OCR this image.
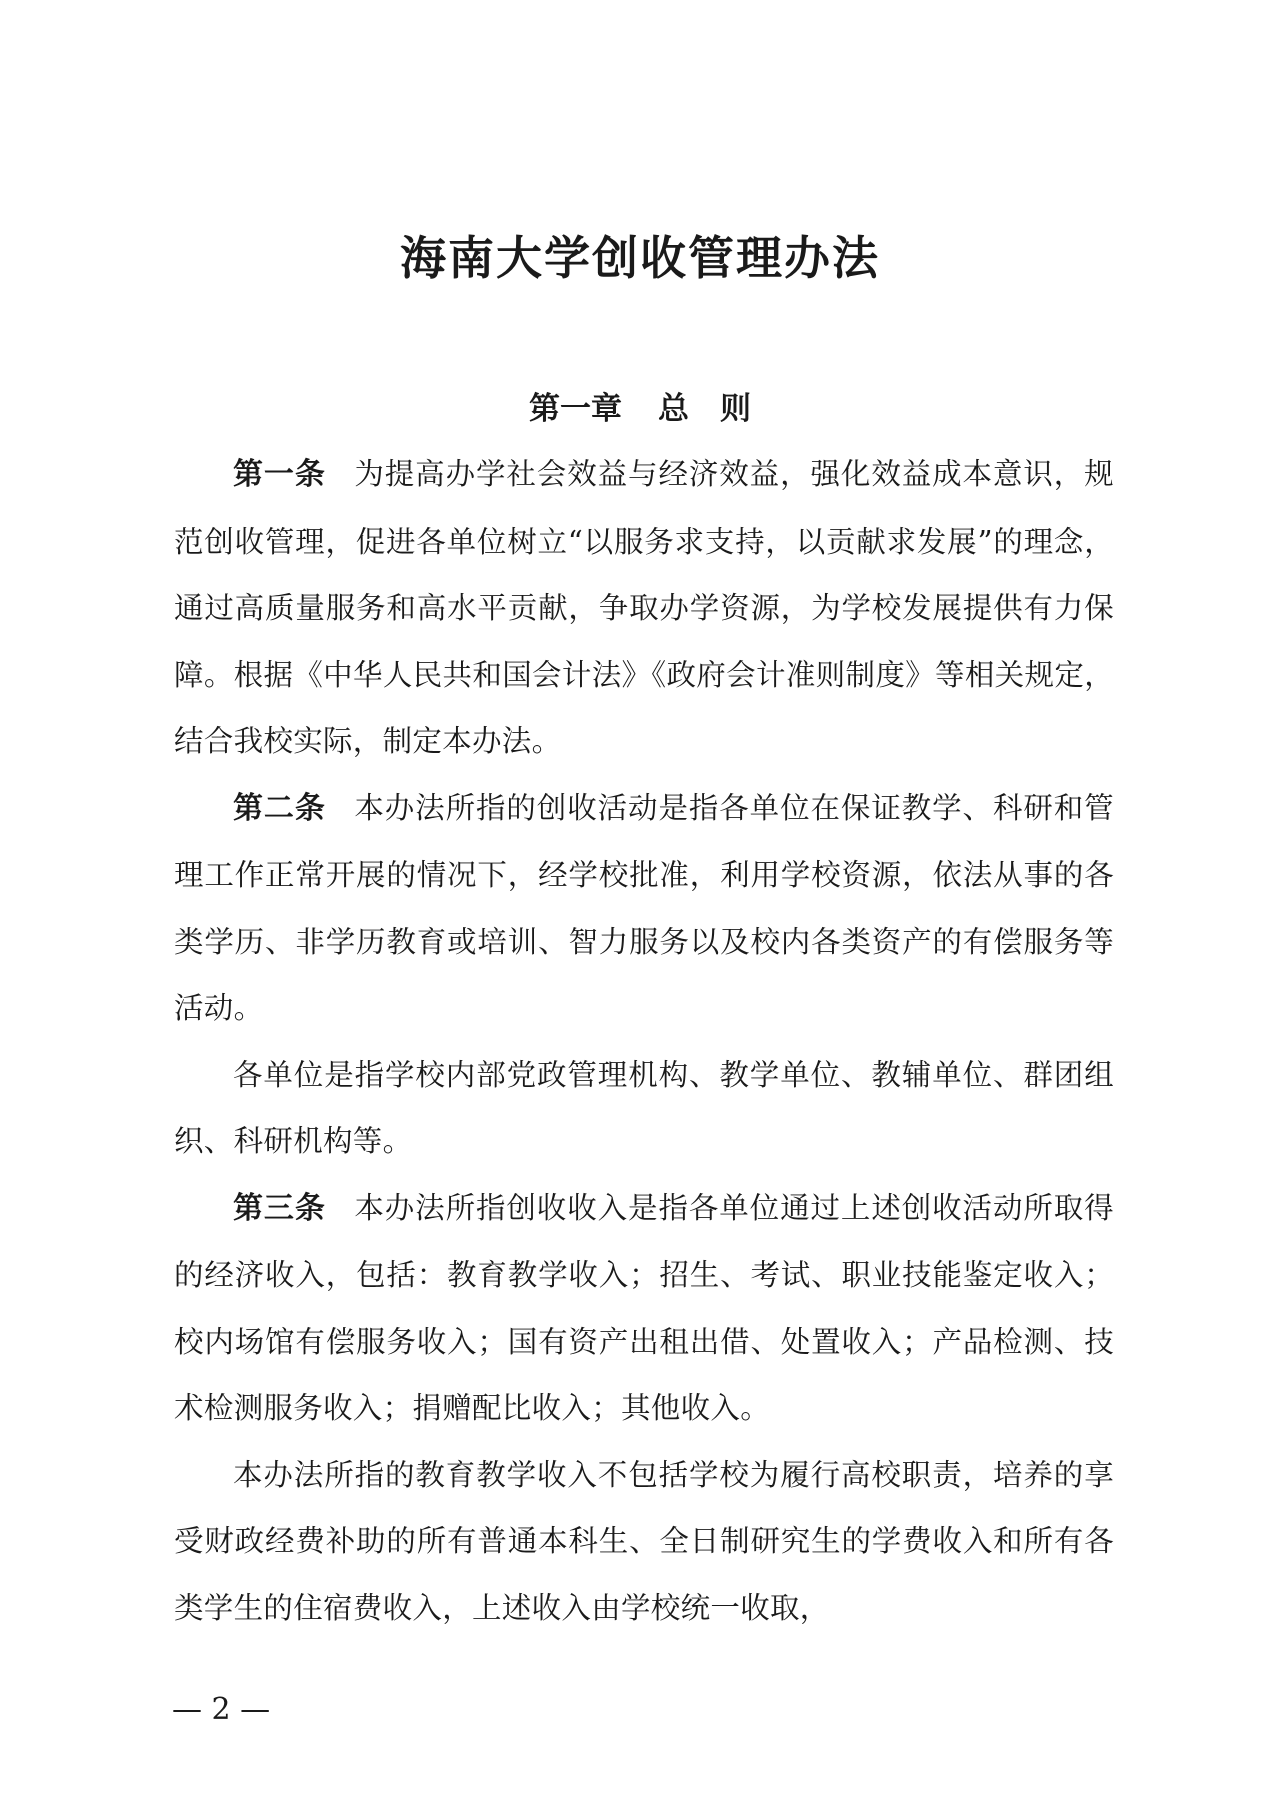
海南大学创收管理办法
第一章 总　则

第一条 为提高办学社会效益与经济效益，强化效益成本意识，规范创收管理，促进各单位树立“以服务求支持，以贡献求发展”的理念，通过高质量服务和高水平贡献，争取办学资源，为学校发展提供有力保障。根据《中华人民共和国会计法》《政府会计准则制度》等相关规定，结合我校实际，制定本办法。

第二条 本办法所指的创收活动是指各单位在保证教学、科研和管理工作正常开展的情况下，经学校批准，利用学校资源，依法从事的各类学历、非学历教育或培训、智力服务以及校内各类资产的有偿服务等活动。

各单位是指学校内部党政管理机构、教学单位、教辅单位、群团组织、科研机构等。

第三条 本办法所指创收收入是指各单位通过上述创收活动所取得的经济收入，包括：教育教学收入；招生、考试、职业技能鉴定收入；校内场馆有偿服务收入；国有资产出租出借、处置收入；产品检测、技术检测服务收入；捐赠配比收入；其他收入。

本办法所指的教育教学收入不包括学校为履行高校职责，培养的享受财政经费补助的所有普通本科生、全日制研究生的学费收入和所有各类学生的住宿费收入，上述收入由学校统一收取，

— 2 —
